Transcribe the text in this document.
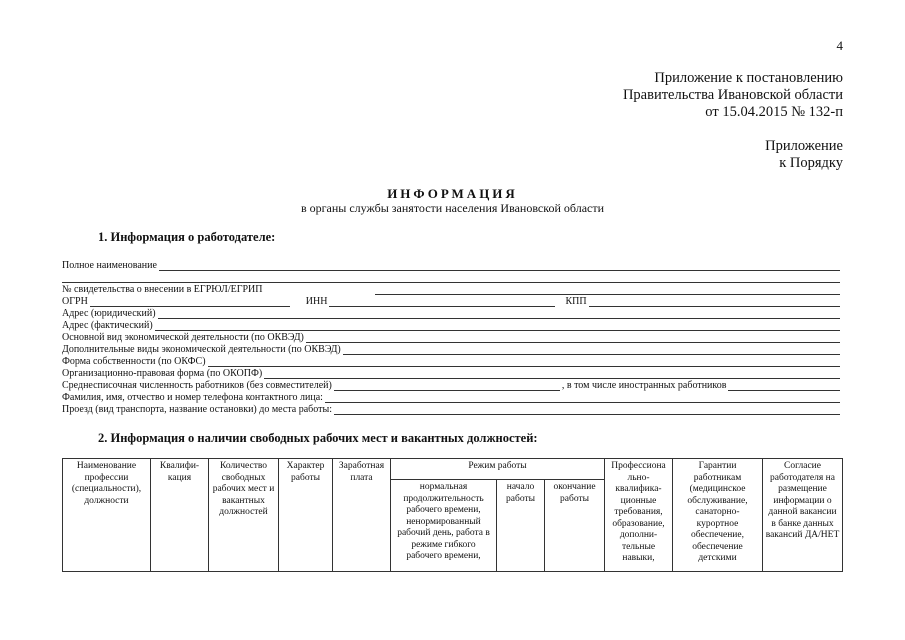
4
Приложение к постановлению
Правительства Ивановской области
от 15.04.2015 № 132-п
Приложение
к Порядку
ИНФОРМАЦИЯ
в органы службы занятости населения Ивановской области
1. Информация о работодателе:
Полное наименование
№ свидетельства о внесении в ЕГРЮЛ/ЕГРИП
ОГРН	ИНН	КПП
Адрес (юридический)
Адрес (фактический)
Основной вид экономической деятельности (по ОКВЭД)
Дополнительные виды экономической деятельности (по ОКВЭД)
Форма собственности (по ОКФС)
Организационно-правовая форма (по ОКОПФ)
Среднесписочная численность работников (без совместителей)	, в том числе иностранных работников
Фамилия, имя, отчество и номер телефона контактного лица:
Проезд (вид транспорта, название остановки) до места работы:
2. Информация о наличии свободных рабочих мест и вакантных должностей:
Наименование профессии (специальности), должности	Квалифи-кация	Количество свободных рабочих мест и вакантных должностей	Характер работы	Заработная плата	Режим работы			Профессиона льно-квалифика-ционные требования, образование, дополни-тельные навыки,	Гарантии работникам (медицинское обслуживание, санаторно-курортное обеспечение, обеспечение детскими	Согласие работодателя на размещение информации о данной вакансии в банке данных вакансий ДА/НЕТ
					нормальная продолжительность рабочего времени, ненормированный рабочий день, работа в режиме гибкого рабочего времени,	начало работы	окончание работы			
